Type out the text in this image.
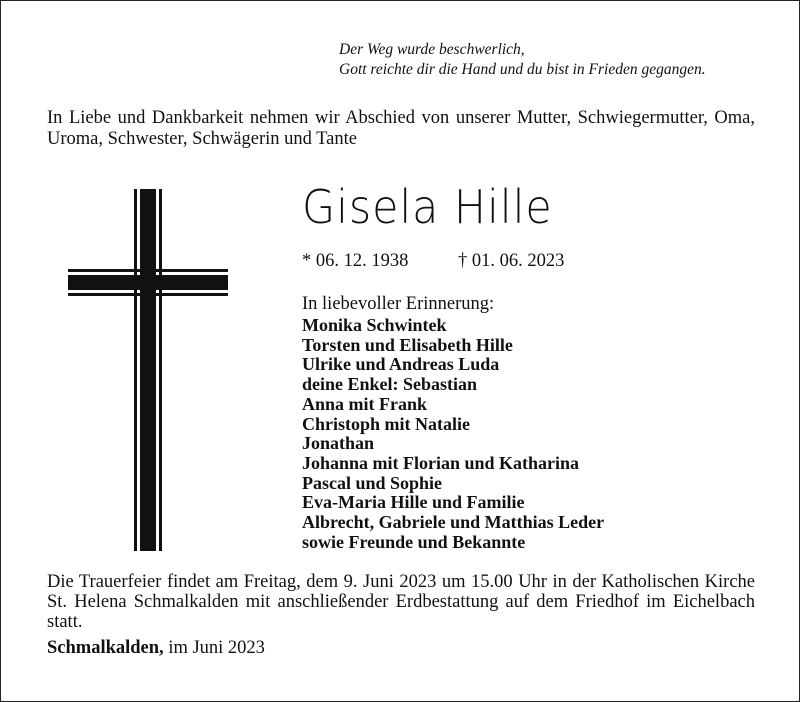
Der Weg wurde beschwerlich,
Gott reichte dir die Hand und du bist in Frieden gegangen.
In Liebe und Dankbarkeit nehmen wir Abschied von unserer Mutter, Schwiegermutter, Oma, Uroma, Schwester, Schwägerin und Tante
Gisela Hille
* 06. 12. 1938	† 01. 06. 2023
In liebevoller Erinnerung:
Monika Schwintek
Torsten und Elisabeth Hille
Ulrike und Andreas Luda
deine Enkel: Sebastian
Anna mit Frank
Christoph mit Natalie
Jonathan
Johanna mit Florian und Katharina
Pascal und Sophie
Eva-Maria Hille und Familie
Albrecht, Gabriele und Matthias Leder
sowie Freunde und Bekannte
Die Trauerfeier findet am Freitag, dem 9. Juni 2023 um 15.00 Uhr in der Katholischen Kirche St. Helena Schmalkalden mit anschließender Erdbestattung auf dem Friedhof im Eichelbach statt.
Schmalkalden, im Juni 2023
